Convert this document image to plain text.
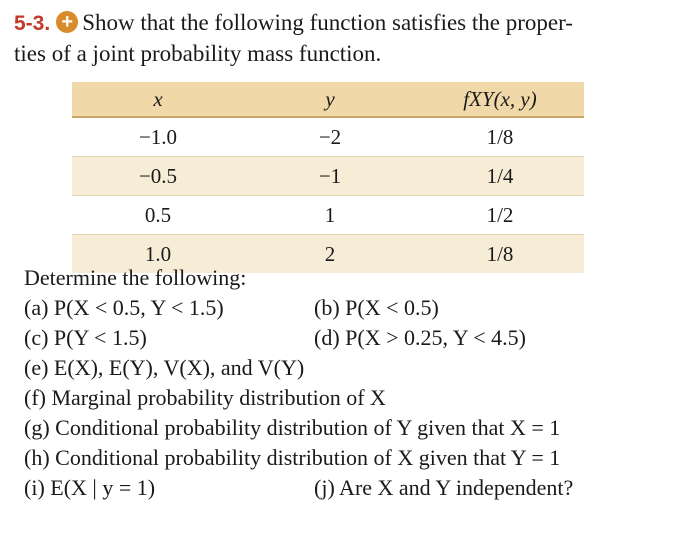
5-3. + Show that the following function satisfies the proper-
ties of a joint probability mass function.
x	y	fXY(x, y)
−1.0	−2	1/8
−0.5	−1	1/4
0.5	1	1/2
1.0	2	1/8
Determine the following:
(a) P(X < 0.5, Y < 1.5)	(b) P(X < 0.5)
(c) P(Y < 1.5)	(d) P(X > 0.25, Y < 4.5)
(e) E(X), E(Y), V(X), and V(Y)
(f) Marginal probability distribution of X
(g) Conditional probability distribution of Y given that X = 1
(h) Conditional probability distribution of X given that Y = 1
(i) E(X | y = 1)	(j) Are X and Y independent?
